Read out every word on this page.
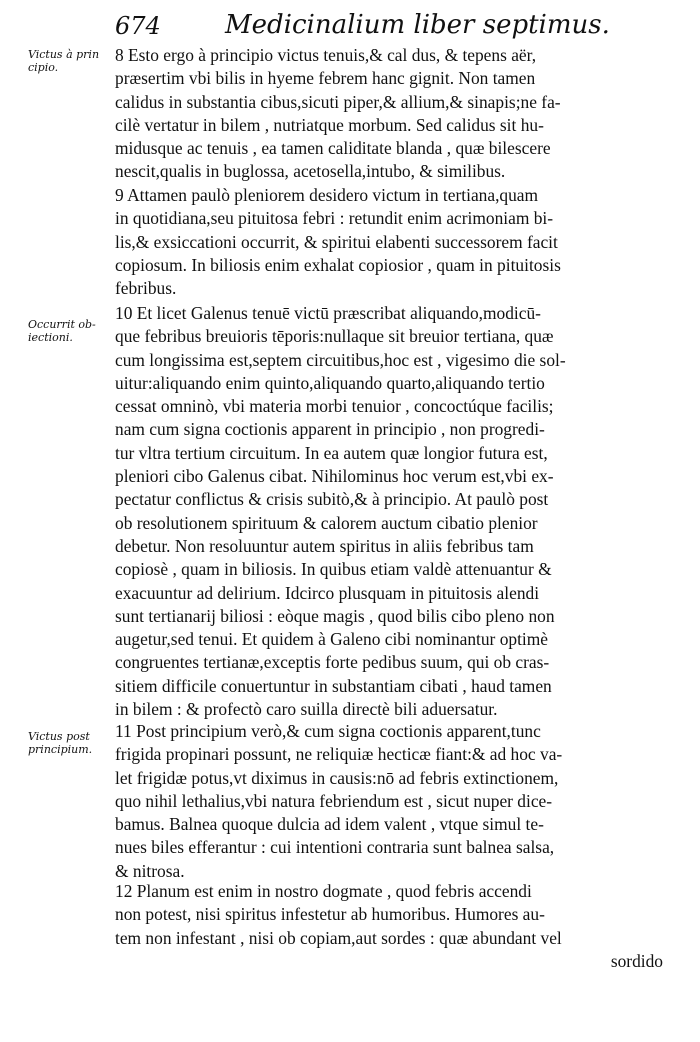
674 Medicinalium liber septimus.
Victus à prin
cipio.
Occurrit ob-
iectioni.
Victus post
principium.
8 Esto ergo à principio victus tenuis,& cal dus, & tepens aër,
præsertim vbi bilis in hyeme febrem hanc gignit. Non tamen
calidus in substantia cibus,sicuti piper,& allium,& sinapis;ne fa-
cilè vertatur in bilem , nutriatque morbum. Sed calidus sit hu-
midusque ac tenuis , ea tamen caliditate blanda , quæ bilescere
nescit,qualis in buglossa, acetosella,intubo, & similibus.
9 Attamen paulò pleniorem desidero victum in tertiana,quam
in quotidiana,seu pituitosa febri : retundit enim acrimoniam bi-
lis,& exsiccationi occurrit, & spiritui elabenti successorem facit
copiosum. In biliosis enim exhalat copiosior , quam in pituitosis
febribus.
10 Et licet Galenus tenuē victū præscribat aliquando,modicū-
que febribus breuioris tēporis:nullaque sit breuior tertiana, quæ
cum longissima est,septem circuitibus,hoc est , vigesimo die sol-
uitur:aliquando enim quinto,aliquando quarto,aliquando tertio
cessat omninò, vbi materia morbi tenuior , concoctúque facilis;
nam cum signa coctionis apparent in principio , non progredi-
tur vltra tertium circuitum. In ea autem quæ longior futura est,
pleniori cibo Galenus cibat. Nihilominus hoc verum est,vbi ex-
pectatur conflictus & crisis subitò,& à principio. At paulò post
ob resolutionem spirituum & calorem auctum cibatio plenior
debetur. Non resoluuntur autem spiritus in aliis febribus tam
copiosè , quam in biliosis. In quibus etiam valdè attenuantur &
exacuuntur ad delirium. Idcirco plusquam in pituitosis alendi
sunt tertianarij biliosi : eòque magis , quod bilis cibo pleno non
augetur,sed tenui. Et quidem à Galeno cibi nominantur optimè
congruentes tertianæ,exceptis forte pedibus suum, qui ob cras-
sitiem difficile conuertuntur in substantiam cibati , haud tamen
in bilem : & profectò caro suilla directè bili aduersatur.
11 Post principium verò,& cum signa coctionis apparent,tunc
frigida propinari possunt, ne reliquiæ hecticæ fiant:& ad hoc va-
let frigidæ potus,vt diximus in causis:nō ad febris extinctionem,
quo nihil lethalius,vbi natura febriendum est , sicut nuper dice-
bamus. Balnea quoque dulcia ad idem valent , vtque simul te-
nues biles efferantur : cui intentioni contraria sunt balnea salsa,
& nitrosa.
12 Planum est enim in nostro dogmate , quod febris accendi
non potest, nisi spiritus infestetur ab humoribus. Humores au-
tem non infestant , nisi ob copiam,aut sordes : quæ abundant vel
sordido
